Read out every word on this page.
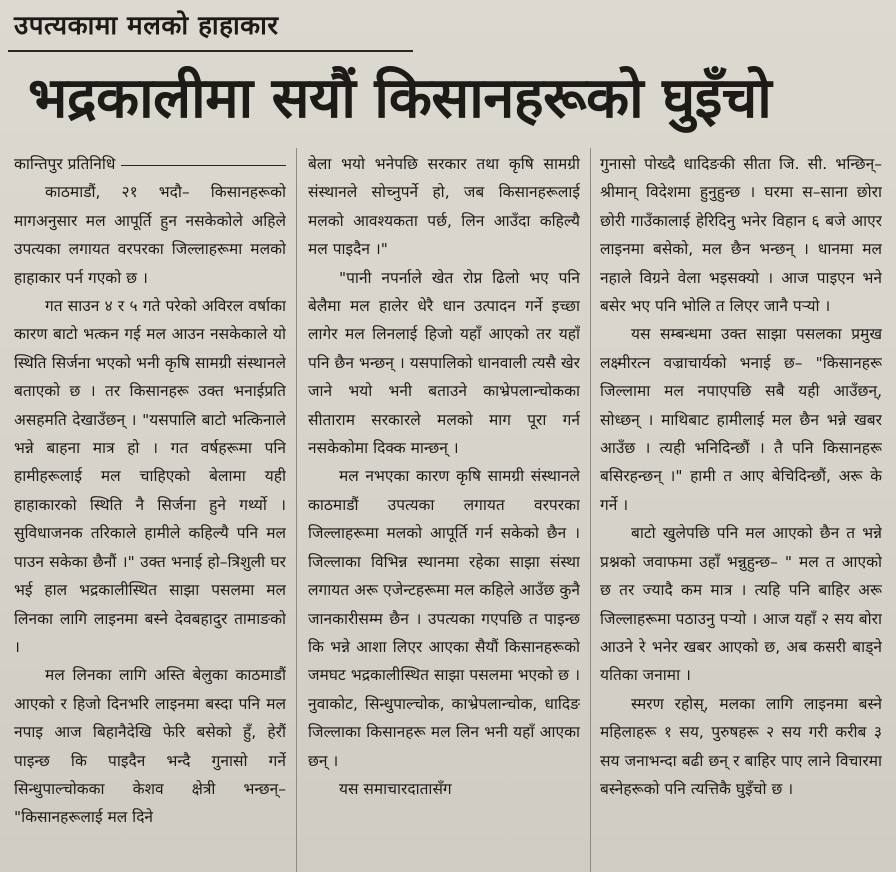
उपत्यकामा मलको हाहाकार
भद्रकालीमा सयौं किसानहरूको घुइँचो
कान्तिपुर प्रतिनिधि

काठमाडौं, २१ भदौ– किसानहरूको मागअनुसार मल आपूर्ति हुन नसकेकोले अहिले उपत्यका लगायत वरपरका जिल्लाहरूमा मलको हाहाकार पर्न गएको छ ।

गत साउन ४ र ५ गते परेको अविरल वर्षाका कारण बाटो भत्कन गई मल आउन नसकेकाले यो स्थिति सिर्जना भएको भनी कृषि सामग्री संस्थानले बताएको छ । तर किसानहरू उक्त भनाईप्रति असहमति देखाउँछन् । "यसपालि बाटो भत्किनाले भन्ने बाहना मात्र हो । गत वर्षहरूमा पनि हामीहरूलाई मल चाहिएको बेलामा यही हाहाकारको स्थिति नै सिर्जना हुने गर्थ्यो । सुविधाजनक तरिकाले हामीले कहिल्यै पनि मल पाउन सकेका छैनौं ।" उक्त भनाई हो–त्रिशुली घर भई हाल भद्रकालीस्थित साझा पसलमा मल लिनका लागि लाइनमा बस्ने देवबहादुर तामाङको ।

मल लिनका लागि अस्ति बेलुका काठमाडौं आएको र हिजो दिनभरि लाइनमा बस्दा पनि मल नपाइ आज बिहानैदेखि फेरि बसेको हुँ, हेरौं पाइन्छ कि पाइदैन भन्दै गुनासो गर्ने सिन्धुपाल्चोकका केशव क्षेत्री भन्छन्– "किसानहरूलाई मल दिने

बेला भयो भनेपछि सरकार तथा कृषि सामग्री संस्थानले सोच्नुपर्ने हो, जब किसानहरूलाई मलको आवश्यकता पर्छ, लिन आउँदा कहिल्यै मल पाइदैन ।"

"पानी नपर्नाले खेत रोप्न ढिलो भए पनि बेलैमा मल हालेर धेरै धान उत्पादन गर्ने इच्छा लागेर मल लिनलाई हिजो यहाँ आएको तर यहाँ पनि छैन भन्छन् । यसपालिको धानवाली त्यसै खेर जाने भयो भनी बताउने काभ्रेपलान्चोकका सीताराम सरकारले मलको माग पूरा गर्न नसकेकोमा दिक्क मान्छन् ।

मल नभएका कारण कृषि सामग्री संस्थानले काठमाडौं उपत्यका लगायत वरपरका जिल्लाहरूमा मलको आपूर्ति गर्न सकेको छैन । जिल्लाका विभिन्न स्थानमा रहेका साझा संस्था लगायत अरू एजेन्टहरूमा मल कहिले आउँछ कुनै जानकारीसम्म छैन । उपत्यका गएपछि त पाइन्छ कि भन्ने आशा लिएर आएका सैयौं किसानहरूको जमघट भद्रकालीस्थित साझा पसलमा भएको छ । नुवाकोट, सिन्धुपाल्चोक, काभ्रेपलान्चोक, धादिङ जिल्लाका किसानहरू मल लिन भनी यहाँ आएका छन् ।

यस समाचारदातासँग

गुनासो पोख्दै धादिङकी सीता जि. सी. भन्छिन्– श्रीमान् विदेशमा हुनुहुन्छ । घरमा स–साना छोरा छोरी गाउँकालाई हेरिदिनु भनेर विहान ६ बजे आएर लाइनमा बसेको, मल छैन भन्छन् । धानमा मल नहाले विग्रने वेला भइसक्यो । आज पाइएन भने बसेर भए पनि भोलि त लिएर जानै पर्‍यो ।

यस सम्बन्धमा उक्त साझा पसलका प्रमुख लक्ष्मीरत्न वज्राचार्यको भनाई छ– "किसानहरू जिल्लामा मल नपाएपछि सबै यही आउँछन्, सोध्छन् । माथिबाट हामीलाई मल छैन भन्ने खबर आउँछ । त्यही भनिदिन्छौं । तै पनि किसानहरू बसिरहन्छन् ।" हामी त आए बेचिदिन्छौं, अरू के गर्ने ।

बाटो खुलेपछि पनि मल आएको छैन त भन्ने प्रश्नको जवाफमा उहाँ भन्नुहुन्छ– " मल त आएको छ तर ज्यादै कम मात्र । त्यहि पनि बाहिर अरू जिल्लाहरूमा पठाउनु पर्‍यो । आज यहाँ २ सय बोरा आउने रे भनेर खबर आएको छ, अब कसरी बाड्ने यतिका जनामा ।

स्मरण रहोस्, मलका लागि लाइनमा बस्ने महिलाहरू १ सय, पुरुषहरू २ सय गरी करीब ३ सय जनाभन्दा बढी छन् र बाहिर पाए लाने विचारमा बस्नेहरूको पनि त्यत्तिकै घुइँचो छ ।
